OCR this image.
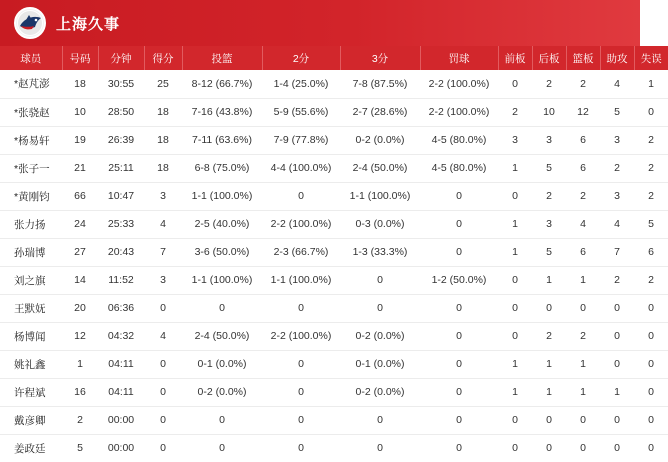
上海久事
球员	号码	分钟	得分	投篮	2分	3分	罚球	前板	后板	篮板	助攻	失误
*赵芃澎	18	30:55	25	8-12 (66.7%)	1-4 (25.0%)	7-8 (87.5%)	2-2 (100.0%)	0	2	2	4	1
*张骁赵	10	28:50	18	7-16 (43.8%)	5-9 (55.6%)	2-7 (28.6%)	2-2 (100.0%)	2	10	12	5	0
*杨易轩	19	26:39	18	7-11 (63.6%)	7-9 (77.8%)	0-2 (0.0%)	4-5 (80.0%)	3	3	6	3	2
*张子一	21	25:11	18	6-8 (75.0%)	4-4 (100.0%)	2-4 (50.0%)	4-5 (80.0%)	1	5	6	2	2
*黄刚钧	66	10:47	3	1-1 (100.0%)	0	1-1 (100.0%)	0	0	2	2	3	2
张力扬	24	25:33	4	2-5 (40.0%)	2-2 (100.0%)	0-3 (0.0%)	0	1	3	4	4	5
孙瑞博	27	20:43	7	3-6 (50.0%)	2-3 (66.7%)	1-3 (33.3%)	0	1	5	6	7	6
刘之旗	14	11:52	3	1-1 (100.0%)	1-1 (100.0%)	0	1-2 (50.0%)	0	1	1	2	2
王默妩	20	06:36	0	0	0	0	0	0	0	0	0	0
杨博闻	12	04:32	4	2-4 (50.0%)	2-2 (100.0%)	0-2 (0.0%)	0	0	2	2	0	0
姚礼鑫	1	04:11	0	0-1 (0.0%)	0	0-1 (0.0%)	0	1	1	1	0	0
许程斌	16	04:11	0	0-2 (0.0%)	0	0-2 (0.0%)	0	1	1	1	1	0
戴彦卿	2	00:00	0	0	0	0	0	0	0	0	0	0
姜政廷	5	00:00	0	0	0	0	0	0	0	0	0	0
